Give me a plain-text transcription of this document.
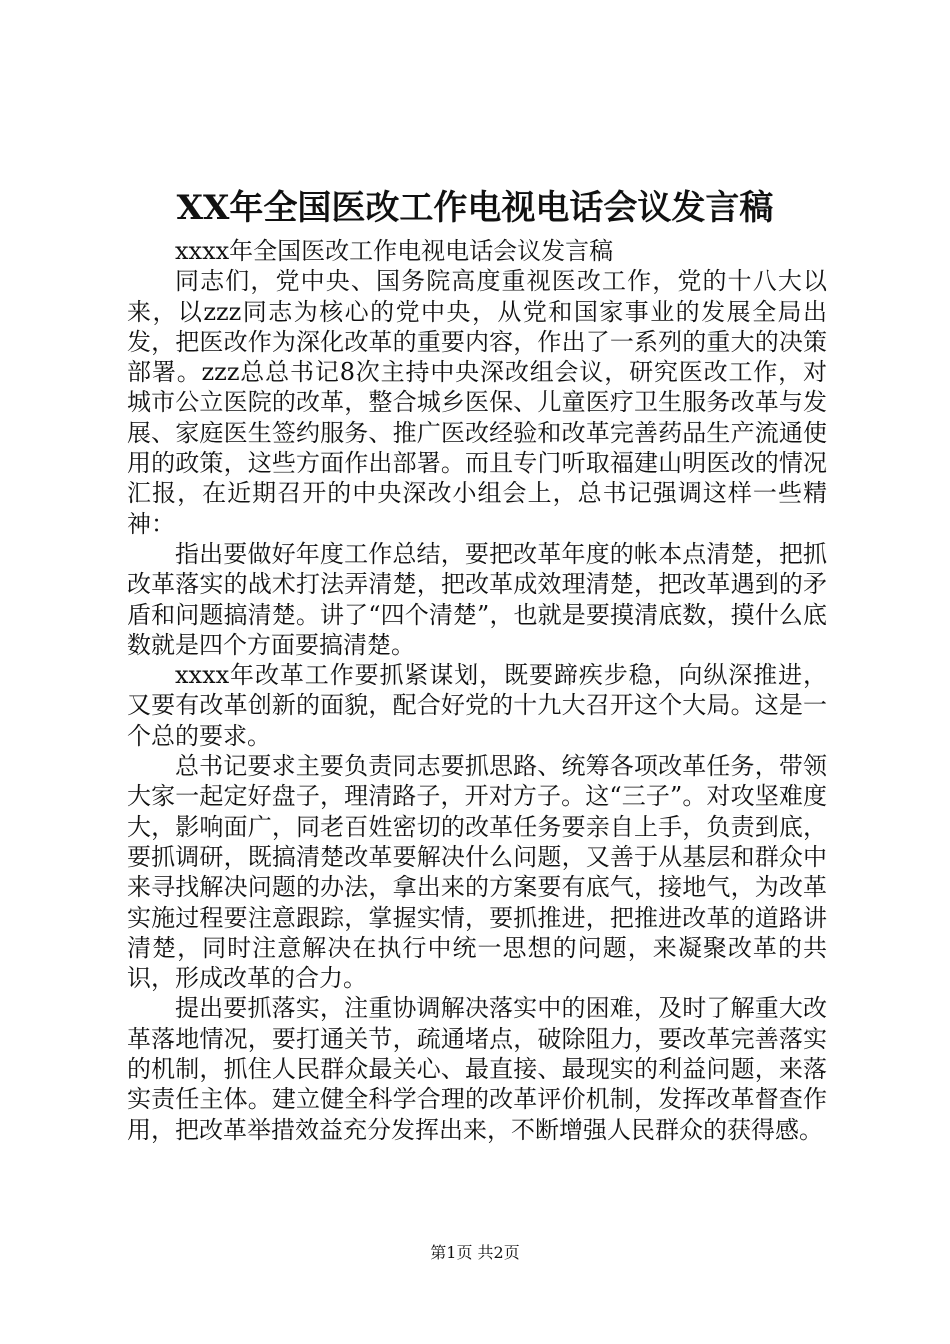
XX年全国医改工作电视电话会议发言稿

xxxx年全国医改工作电视电话会议发言稿

同志们，党中央、国务院高度重视医改工作，党的十八大以来，以zzz同志为核心的党中央，从党和国家事业的发展全局出发，把医改作为深化改革的重要内容，作出了一系列的重大的决策部署。zzz总总书记8次主持中央深改组会议，研究医改工作，对城市公立医院的改革，整合城乡医保、儿童医疗卫生服务改革与发展、家庭医生签约服务、推广医改经验和改革完善药品生产流通使用的政策，这些方面作出部署。而且专门听取福建山明医改的情况汇报，在近期召开的中央深改小组会上，总书记强调这样一些精神：

指出要做好年度工作总结，要把改革年度的帐本点清楚，把抓改革落实的战术打法弄清楚，把改革成效理清楚，把改革遇到的矛盾和问题搞清楚。讲了“四个清楚”，也就是要摸清底数，摸什么底数就是四个方面要搞清楚。

xxxx年改革工作要抓紧谋划，既要蹄疾步稳，向纵深推进，又要有改革创新的面貌，配合好党的十九大召开这个大局。这是一个总的要求。

总书记要求主要负责同志要抓思路、统筹各项改革任务，带领大家一起定好盘子，理清路子，开对方子。这“三子”。对攻坚难度大，影响面广，同老百姓密切的改革任务要亲自上手，负责到底，要抓调研，既搞清楚改革要解决什么问题，又善于从基层和群众中来寻找解决问题的办法，拿出来的方案要有底气，接地气，为改革实施过程要注意跟踪，掌握实情，要抓推进，把推进改革的道路讲清楚，同时注意解决在执行中统一思想的问题，来凝聚改革的共识，形成改革的合力。

提出要抓落实，注重协调解决落实中的困难，及时了解重大改革落地情况，要打通关节，疏通堵点，破除阻力，要改革完善落实的机制，抓住人民群众最关心、最直接、最现实的利益问题，来落实责任主体。建立健全科学合理的改革评价机制，发挥改革督查作用，把改革举措效益充分发挥出来，不断增强人民群众的获得感。

第1页 共2页
